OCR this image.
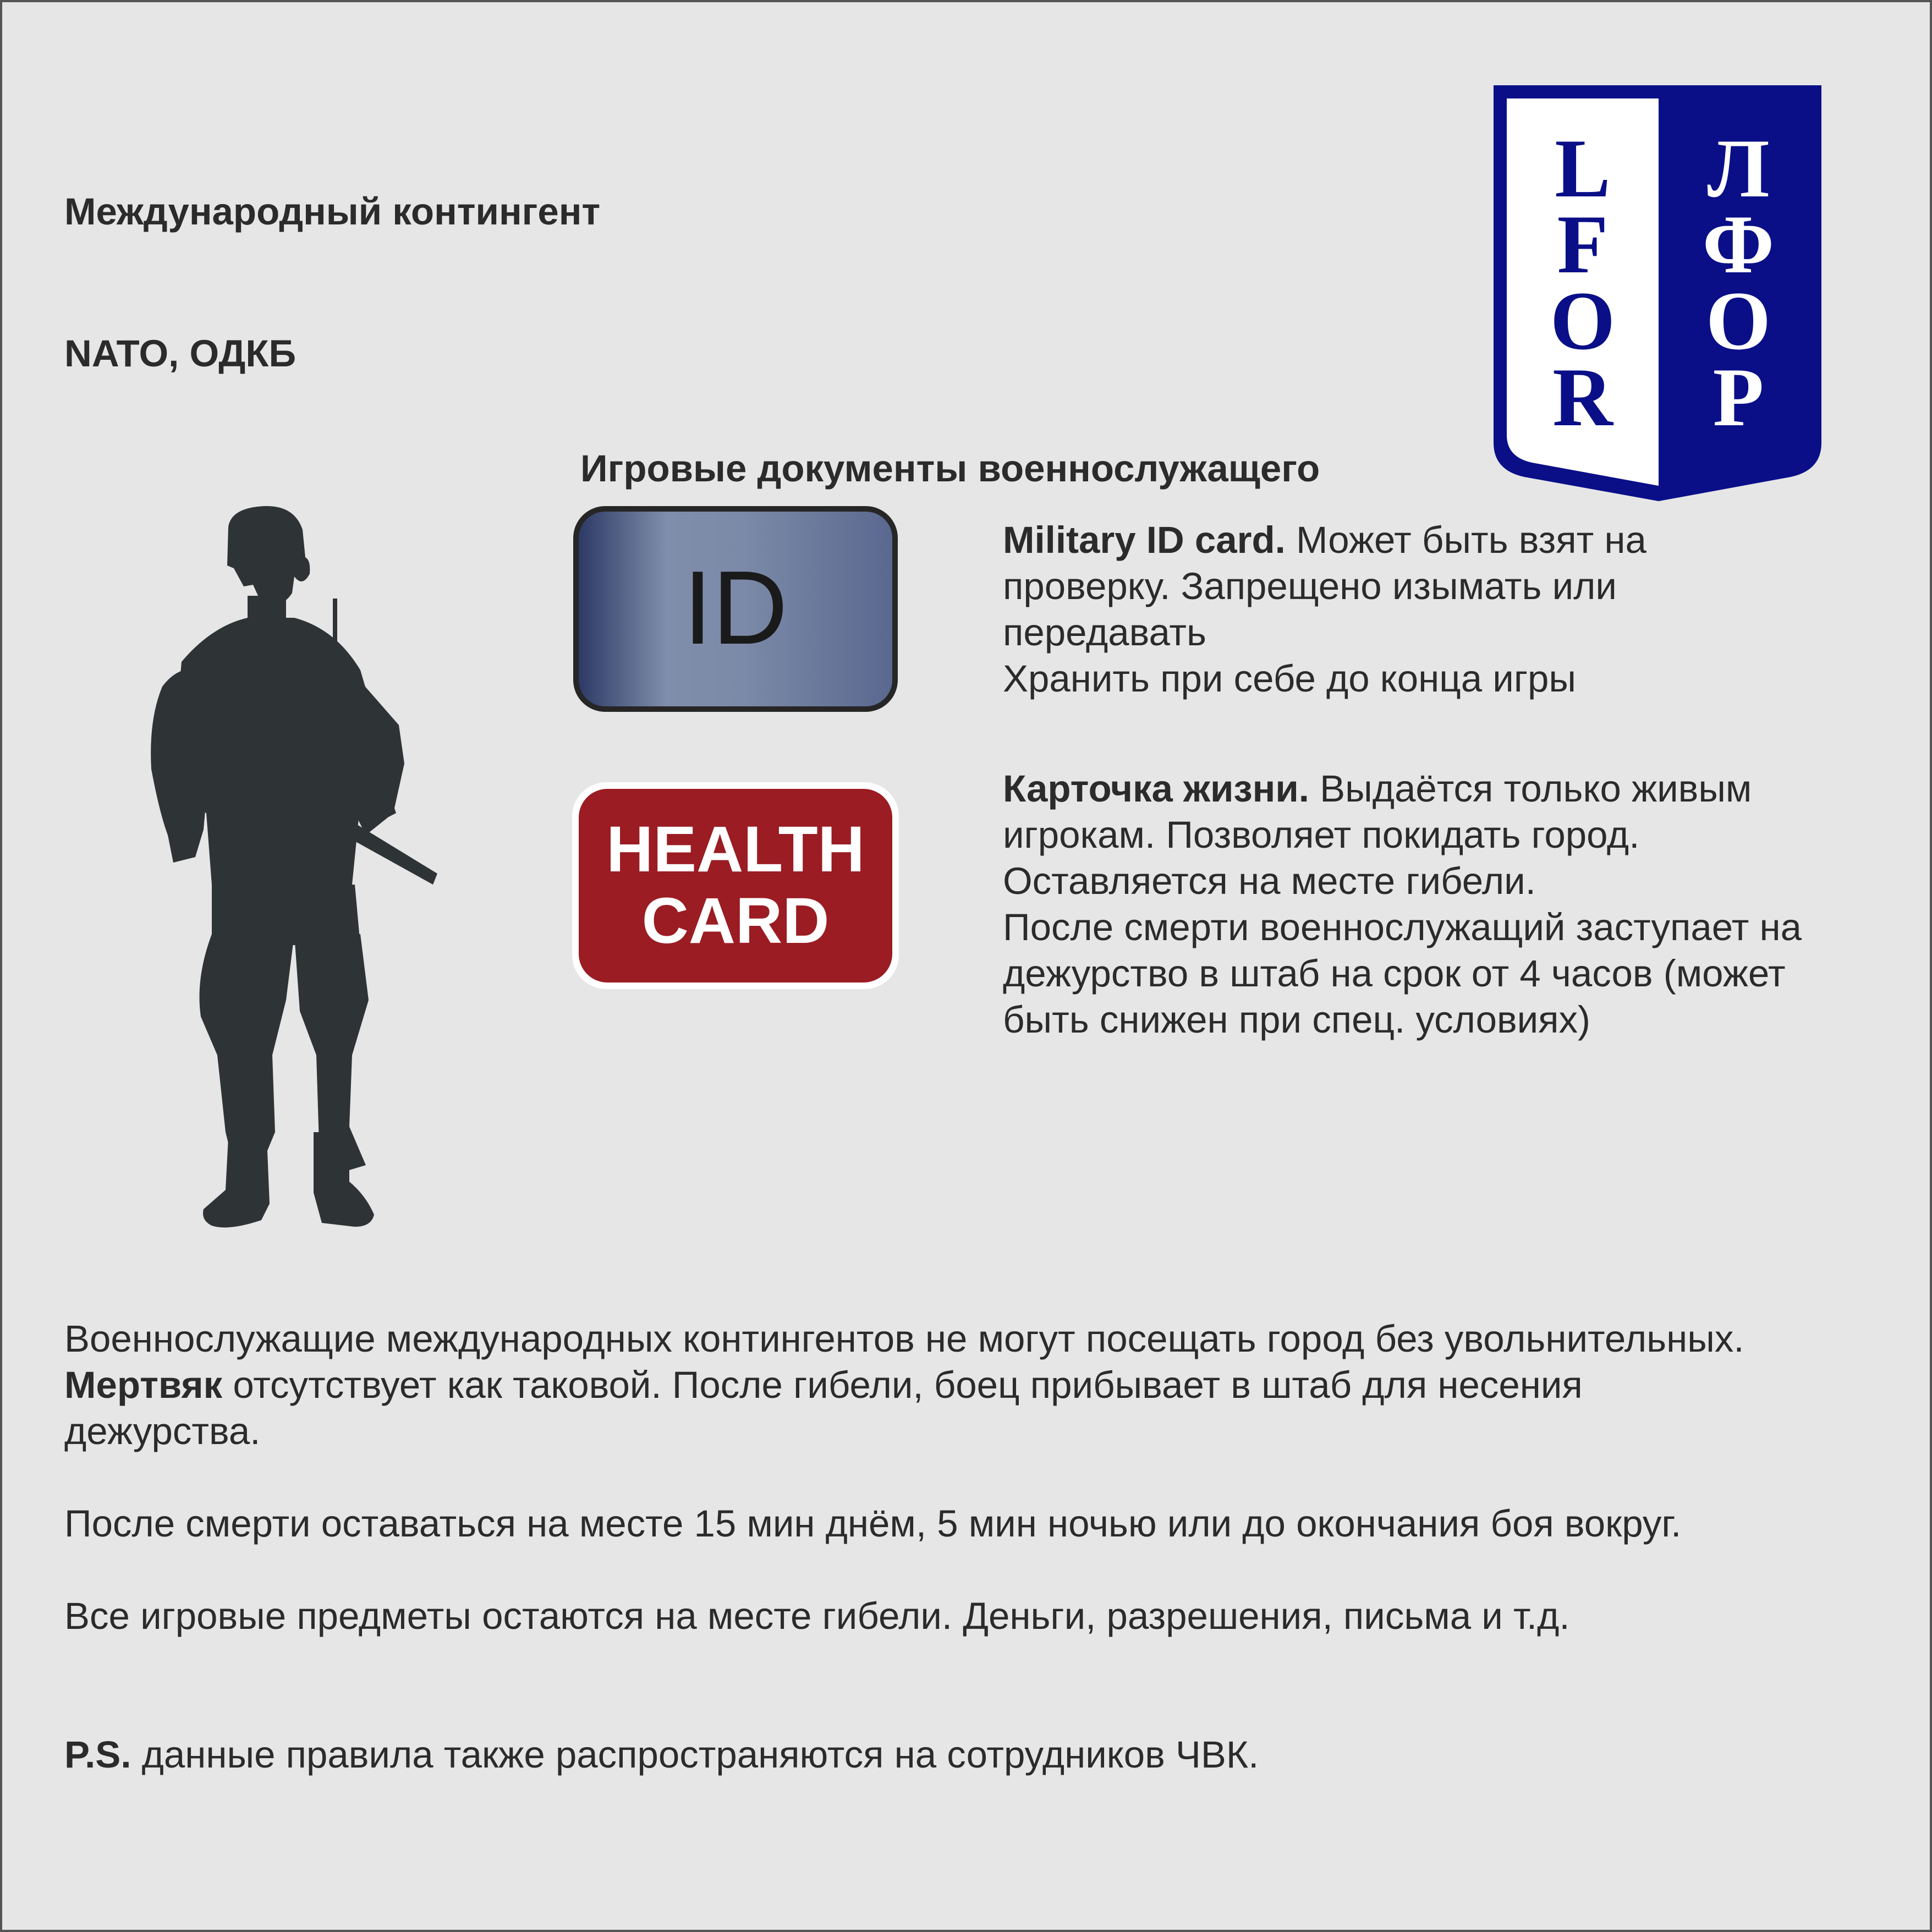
Международный контингент
NATO, ОДКБ
L
F
O
R
Л
Ф
О
Р
Игровые документы военнослужащего
ID
Military ID card. Может быть взят на
проверку. Запрещено изымать или
передавать
Хранить при себе до конца игры
HEALTH
CARD
Карточка жизни. Выдаётся только живым
игрокам. Позволяет покидать город.
Оставляется на месте гибели.
После смерти военнослужащий заступает на
дежурство в штаб на срок от 4 часов (может
быть снижен при спец. условиях)
Военнослужащие международных контингентов не могут посещать город без увольнительных.
Мертвяк отсутствует как таковой. После гибели, боец прибывает в штаб для несения
дежурства.
После смерти оставаться на месте 15 мин днём, 5 мин ночью или до окончания боя вокруг.
Все игровые предметы остаются на месте гибели. Деньги, разрешения, письма и т.д.
P.S. данные правила также распространяются на сотрудников ЧВК.
